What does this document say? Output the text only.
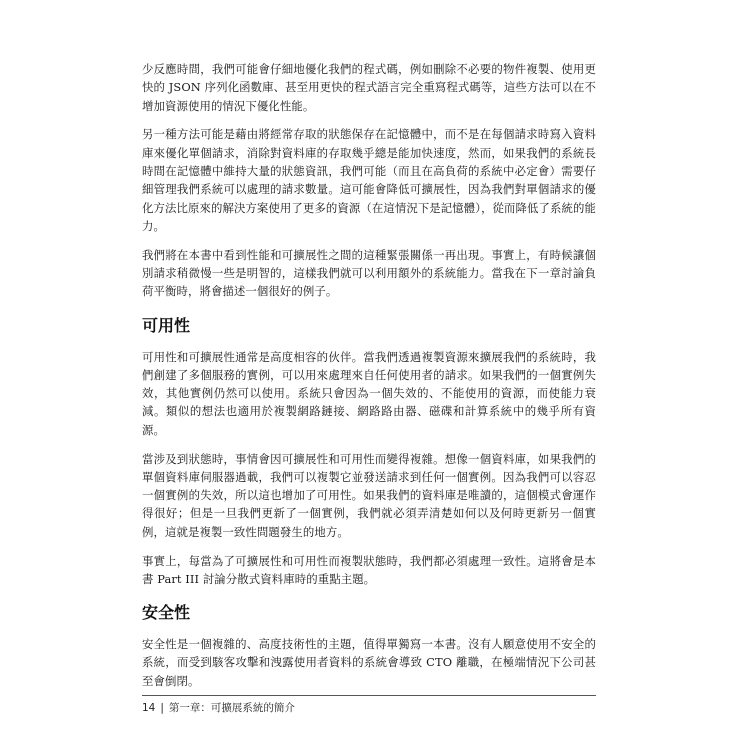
少反應時間，我們可能會仔細地優化我們的程式碼，例如刪除不必要的物件複製、使用更快的 JSON 序列化函數庫、甚至用更快的程式語言完全重寫程式碼等，這些方法可以在不增加資源使用的情況下優化性能。

另一種方法可能是藉由將經常存取的狀態保存在記憶體中，而不是在每個請求時寫入資料庫來優化單個請求，消除對資料庫的存取幾乎總是能加快速度，然而，如果我們的系統長時間在記憶體中維持大量的狀態資訊，我們可能（而且在高負荷的系統中必定會）需要仔細管理我們系統可以處理的請求數量。這可能會降低可擴展性，因為我們對單個請求的優化方法比原來的解決方案使用了更多的資源（在這情況下是記憶體），從而降低了系統的能力。

我們將在本書中看到性能和可擴展性之間的這種緊張關係一再出現。事實上，有時候讓個別請求稍微慢一些是明智的，這樣我們就可以利用額外的系統能力。當我在下一章討論負荷平衡時，將會描述一個很好的例子。

可用性

可用性和可擴展性通常是高度相容的伙伴。當我們透過複製資源來擴展我們的系統時，我們創建了多個服務的實例，可以用來處理來自任何使用者的請求。如果我們的一個實例失效，其他實例仍然可以使用。系統只會因為一個失效的、不能使用的資源，而使能力衰減。類似的想法也適用於複製網路鏈接、網路路由器、磁碟和計算系統中的幾乎所有資源。

當涉及到狀態時，事情會因可擴展性和可用性而變得複雜。想像一個資料庫，如果我們的單個資料庫伺服器過載，我們可以複製它並發送請求到任何一個實例。因為我們可以容忍一個實例的失效，所以這也增加了可用性。如果我們的資料庫是唯讀的，這個模式會運作得很好；但是一旦我們更新了一個實例，我們就必須弄清楚如何以及何時更新另一個實例，這就是複製一致性問題發生的地方。

事實上，每當為了可擴展性和可用性而複製狀態時，我們都必須處理一致性。這將會是本書 Part III 討論分散式資料庫時的重點主題。

安全性

安全性是一個複雜的、高度技術性的主題，值得單獨寫一本書。沒有人願意使用不安全的系統，而受到駭客攻擊和洩露使用者資料的系統會導致 CTO 離職，在極端情況下公司甚至會倒閉。

14 | 第一章：可擴展系統的簡介
